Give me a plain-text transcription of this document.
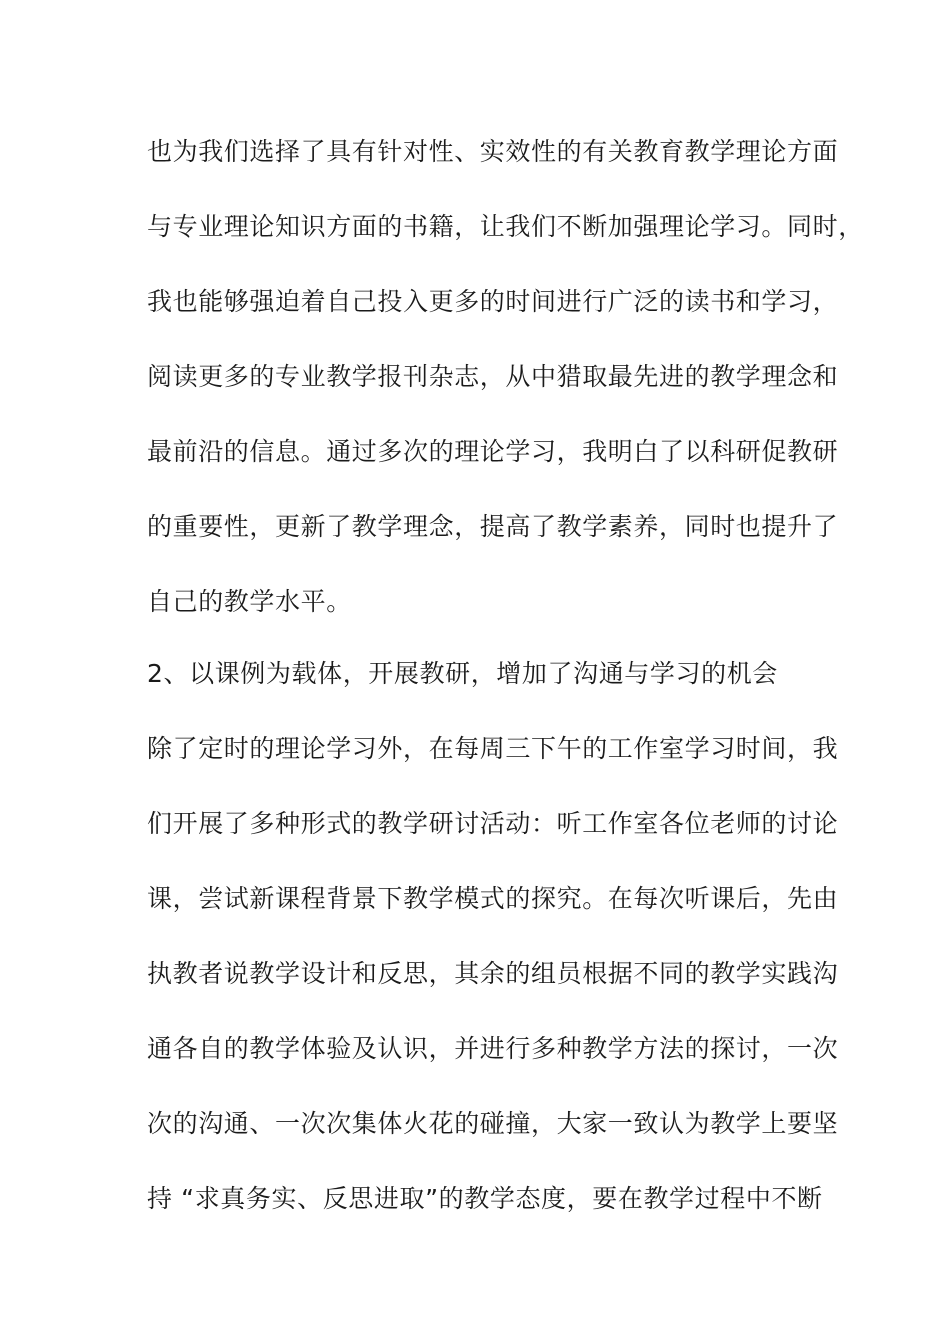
也为我们选择了具有针对性、实效性的有关教育教学理论方面
与专业理论知识方面的书籍，让我们不断加强理论学习。同时，
我也能够强迫着自己投入更多的时间进行广泛的读书和学习，
阅读更多的专业教学报刊杂志，从中猎取最先进的教学理念和
最前沿的信息。通过多次的理论学习，我明白了以科研促教研
的重要性，更新了教学理念，提高了教学素养，同时也提升了
自己的教学水平。
2、以课例为载体，开展教研，增加了沟通与学习的机会
除了定时的理论学习外，在每周三下午的工作室学习时间，我
们开展了多种形式的教学研讨活动：听工作室各位老师的讨论
课，尝试新课程背景下教学模式的探究。在每次听课后，先由
执教者说教学设计和反思，其余的组员根据不同的教学实践沟
通各自的教学体验及认识，并进行多种教学方法的探讨，一次
次的沟通、一次次集体火花的碰撞，大家一致认为教学上要坚
持 “求真务实、反思进取”的教学态度，要在教学过程中不断
